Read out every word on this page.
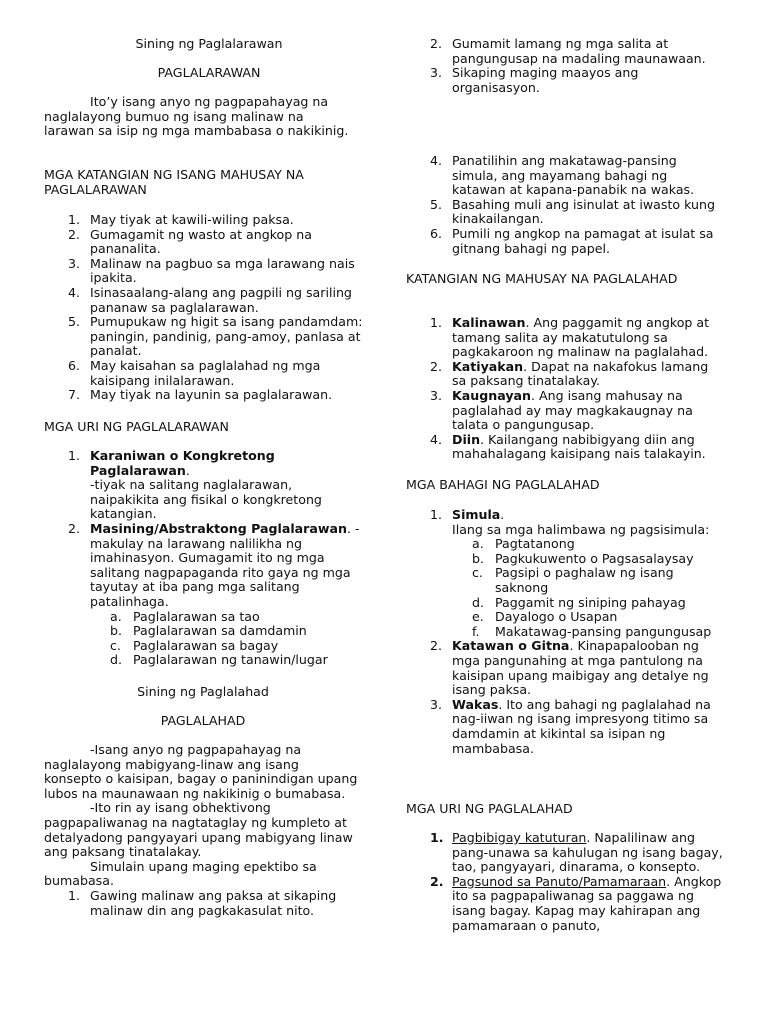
Sining ng Paglalarawan

PAGLALARAWAN

Ito’y isang anyo ng pagpapahayag na naglalayong bumuo ng isang malinaw na larawan sa isip ng mga mambabasa o nakikinig.

MGA KATANGIAN NG ISANG MAHUSAY NA PAGLALARAWAN

1. May tiyak at kawili-wiling paksa.
2. Gumagamit ng wasto at angkop na pananalita.
3. Malinaw na pagbuo sa mga larawang nais ipakita.
4. Isinasaalang-alang ang pagpili ng sariling pananaw sa paglalarawan.
5. Pumupukaw ng higit sa isang pandamdam: paningin, pandinig, pang-amoy, panlasa at panalat.
6. May kaisahan sa paglalahad ng mga kaisipang inilalarawan.
7. May tiyak na layunin sa paglalarawan.

MGA URI NG PAGLALARAWAN

1. Karaniwan o Kongkretong Paglalarawan.
-tiyak na salitang naglalarawan, naipakikita ang fisikal o kongkretong katangian.
2. Masining/Abstraktong Paglalarawan. -makulay na larawang nalilikha ng imahinasyon. Gumagamit ito ng mga salitang nagpapaganda rito gaya ng mga tayutay at iba pang mga salitang patalinhaga.
a. Paglalarawan sa tao
b. Paglalarawan sa damdamin
c. Paglalarawan sa bagay
d. Paglalarawan ng tanawin/lugar

Sining ng Paglalahad

PAGLALAHAD

-Isang anyo ng pagpapahayag na naglalayong mabigyang-linaw ang isang konsepto o kaisipan, bagay o paninindigan upang lubos na maunawaan ng nakikinig o bumabasa.

-Ito rin ay isang obhektivong pagpapaliwanag na nagtataglay ng kumpleto at detalyadong pangyayari upang mabigyang linaw ang paksang tinatalakay.

Simulain upang maging epektibo sa bumabasa.

1. Gawing malinaw ang paksa at sikaping malinaw din ang pagkakasulat nito.
2. Gumamit lamang ng mga salita at pangungusap na madaling maunawaan.
3. Sikaping maging maayos ang organisasyon.
4. Panatilihin ang makatawag-pansing simula, ang mayamang bahagi ng katawan at kapana-panabik na wakas.
5. Basahing muli ang isinulat at iwasto kung kinakailangan.
6. Pumili ng angkop na pamagat at isulat sa gitnang bahagi ng papel.

KATANGIAN NG MAHUSAY NA PAGLALAHAD

1. Kalinawan. Ang paggamit ng angkop at tamang salita ay makatutulong sa pagkakaroon ng malinaw na paglalahad.
2. Katiyakan. Dapat na nakafokus lamang sa paksang tinatalakay.
3. Kaugnayan. Ang isang mahusay na paglalahad ay may magkakaugnay na talata o pangungusap.
4. Diin. Kailangang nabibigyang diin ang mahahalagang kaisipang nais talakayin.

MGA BAHAGI NG PAGLALAHAD

1. Simula.
Ilang sa mga halimbawa ng pagsisimula:
a. Pagtatanong
b. Pagkukuwento o Pagsasalaysay
c. Pagsipi o paghalaw ng isang saknong
d. Paggamit ng siniping pahayag
e. Dayalogo o Usapan
f.	Makatawag-pansing pangungusap
2. Katawan o Gitna. Kinapapalooban ng mga pangunahing at mga pantulong na kaisipan upang maibigay ang detalye ng isang paksa.
3. Wakas. Ito ang bahagi ng paglalahad na nag-iiwan ng isang impresyong titimo sa damdamin at kikintal sa isipan ng mambabasa.

MGA URI NG PAGLALAHAD

1. Pagbibigay katuturan. Napalilinaw ang pang-unawa sa kahulugan ng isang bagay, tao, pangyayari, dinarama, o konsepto.
2. Pagsunod sa Panuto/Pamamaraan. Angkop ito sa pagpapaliwanag sa paggawa ng isang bagay. Kapag may kahirapan ang pamamaraan o panuto,
